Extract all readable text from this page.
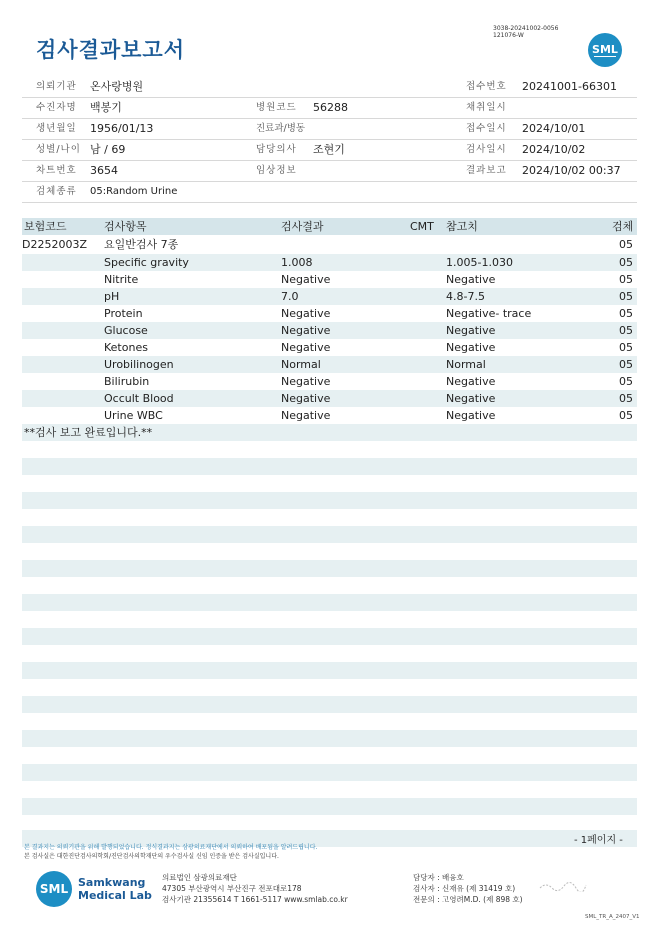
검사결과보고서
3038-20241002-0056
121076-W
SML
의뢰기관 온사랑병원	접수번호 20241001-66301
수진자명 백봉기	병원코드 56288	채취일시
생년월일 1956/01/13	진료과/병동	접수일시 2024/10/01
성별/나이 남 / 69	담당의사 조현기	검사일시 2024/10/02
차트번호 3654	임상정보	결과보고 2024/10/02 00:37
검체종류 05:Random Urine
보험코드	검사항목	검사결과	CMT 참고치	검체
D2252003Z 요일반검사 7종	05
Specific gravity	1.008	1.005-1.030	05
Nitrite	Negative	Negative	05
pH	7.0	4.8-7.5	05
Protein	Negative	Negative- trace	05
Glucose	Negative	Negative	05
Ketones	Negative	Negative	05
Urobilinogen	Normal	Normal	05
Bilirubin	Negative	Negative	05
Occult Blood	Negative	Negative	05
Urine WBC	Negative	Negative	05
**검사 보고 완료입니다.**
- 1페이지 -
본 결과지는 의뢰기관을 위해 발행되었습니다. 정식결과지는 삼광의료재단에서 의뢰하여 배포됨을 알려드립니다.
본 검사실은 대한진단검사의학회/진단검사의학재단의 우수검사실 신임 인증을 받은 검사실입니다.
SML Samkwang
Medical Lab
의료법인 삼광의료재단
47305 부산광역시 부산진구 전포대로178
검사기관 21355614 T 1661-5117 www.smlab.co.kr
담당자 : 배융호
검사자 : 신재유 (제 31419 호)
전문의 : 고영려M.D. (제 898 호)
SML_TR_A_2407_V1
